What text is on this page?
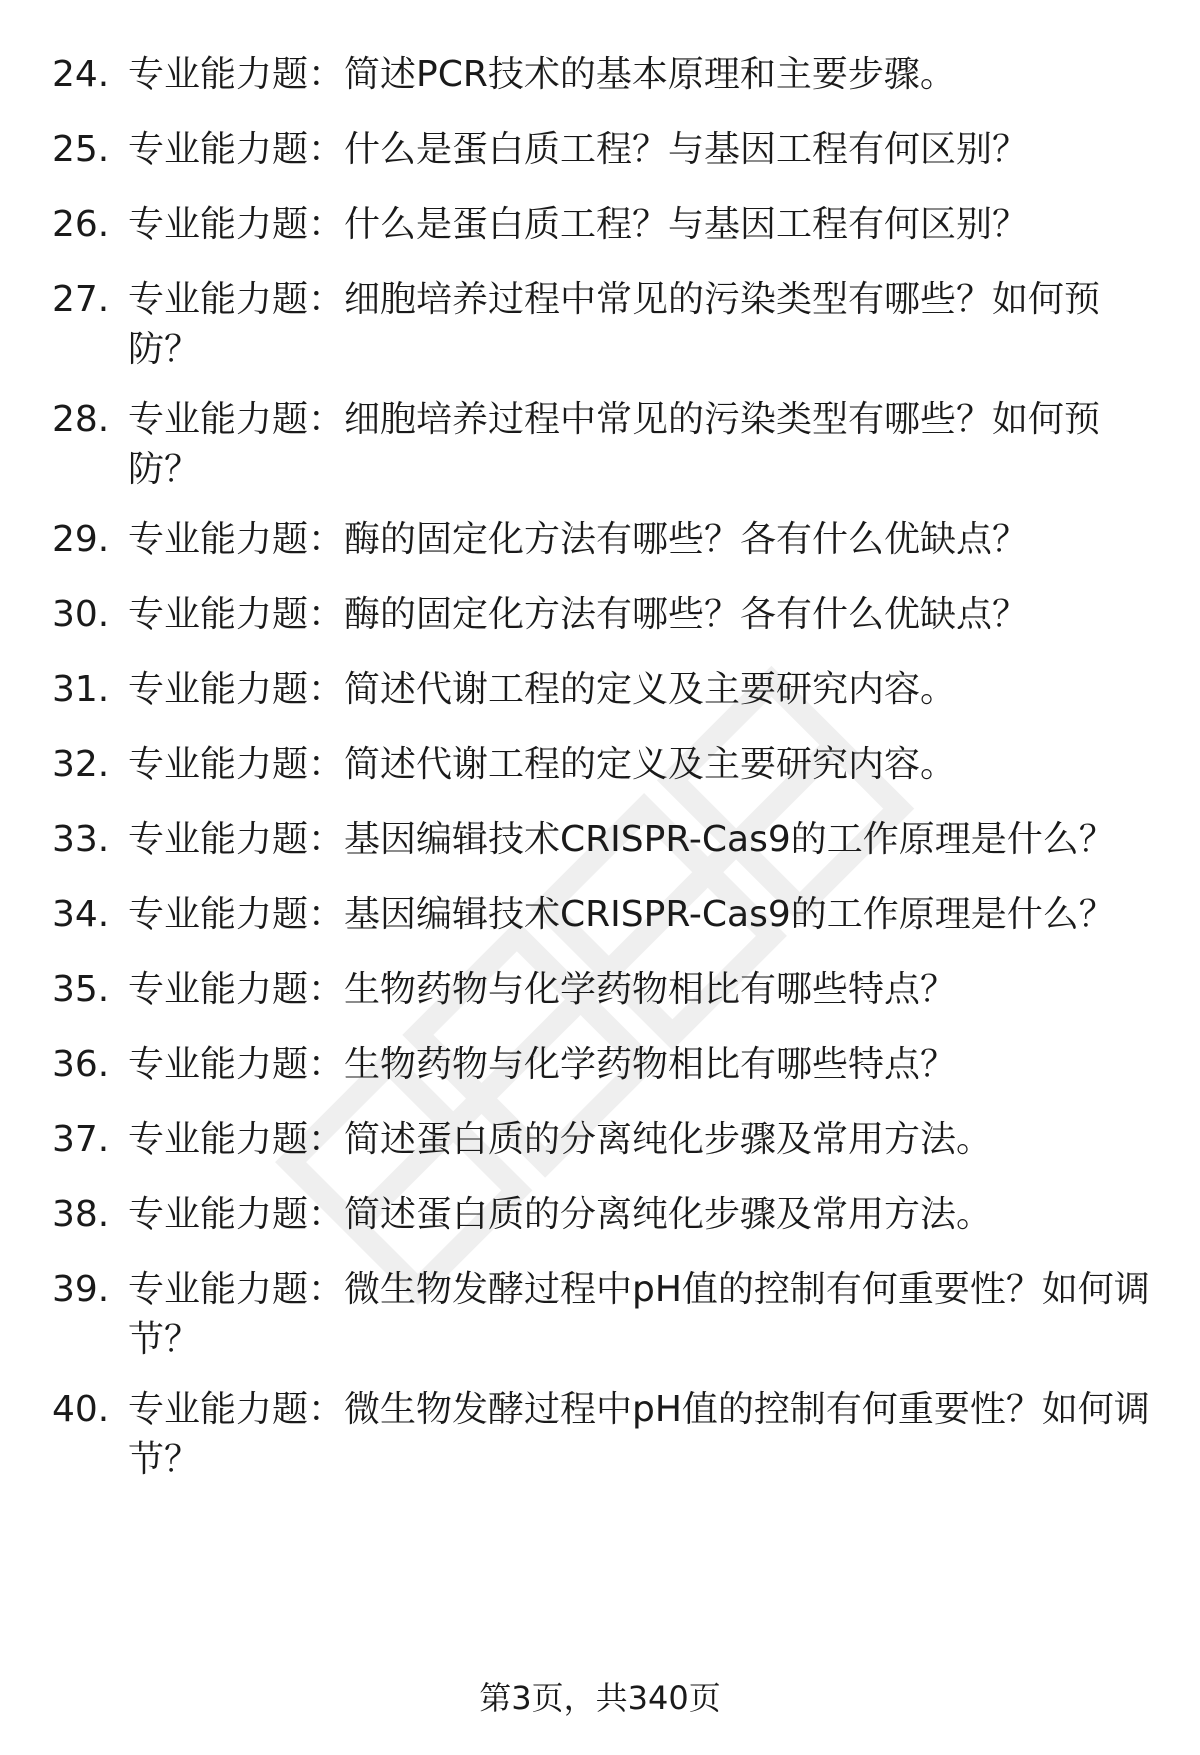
24. 专业能力题：简述PCR技术的基本原理和主要步骤。
25. 专业能力题：什么是蛋白质工程？与基因工程有何区别？
26. 专业能力题：什么是蛋白质工程？与基因工程有何区别？
27. 专业能力题：细胞培养过程中常见的污染类型有哪些？如何预防？
28. 专业能力题：细胞培养过程中常见的污染类型有哪些？如何预防？
29. 专业能力题：酶的固定化方法有哪些？各有什么优缺点？
30. 专业能力题：酶的固定化方法有哪些？各有什么优缺点？
31. 专业能力题：简述代谢工程的定义及主要研究内容。
32. 专业能力题：简述代谢工程的定义及主要研究内容。
33. 专业能力题：基因编辑技术CRISPR-Cas9的工作原理是什么？
34. 专业能力题：基因编辑技术CRISPR-Cas9的工作原理是什么？
35. 专业能力题：生物药物与化学药物相比有哪些特点？
36. 专业能力题：生物药物与化学药物相比有哪些特点？
37. 专业能力题：简述蛋白质的分离纯化步骤及常用方法。
38. 专业能力题：简述蛋白质的分离纯化步骤及常用方法。
39. 专业能力题：微生物发酵过程中pH值的控制有何重要性？如何调节？
40. 专业能力题：微生物发酵过程中pH值的控制有何重要性？如何调节？
第3页，共340页
